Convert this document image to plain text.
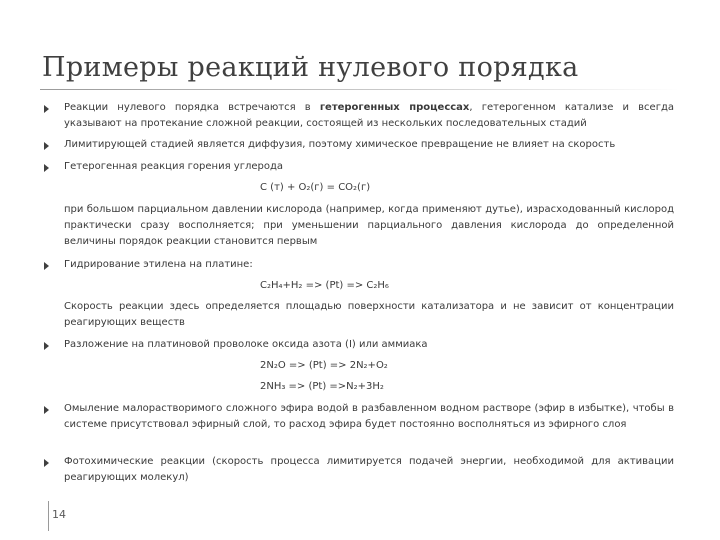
Примеры реакций нулевого порядка
Реакции нулевого порядка встречаются в гетерогенных процессах, гетерогенном катализе и всегда указывают на протекание сложной реакции, состоящей из нескольких последовательных стадий
Лимитирующей стадией является диффузия, поэтому химическое превращение не влияет на скорость
Гетерогенная реакция горения углерода
C (т) + O₂(г) = CO₂(г)
при большом парциальном давлении кислорода (например, когда применяют дутье), израсходованный кислород практически сразу восполняется; при уменьшении парциального давления кислорода до определенной величины порядок реакции становится первым
Гидрирование этилена на платине:
C₂H₄+H₂ => (Pt) => C₂H₆
Скорость реакции здесь определяется площадью поверхности катализатора и не зависит от концентрации реагирующих веществ
Разложение на платиновой проволоке оксида азота (I) или аммиака
2N₂O => (Pt) => 2N₂+O₂
2NH₃ => (Pt) =>N₂+3H₂
Омыление малорастворимого сложного эфира водой в разбавленном водном растворе (эфир в избытке), чтобы в системе присутствовал эфирный слой, то расход эфира будет постоянно восполняться из эфирного слоя
Фотохимические реакции (скорость процесса лимитируется подачей энергии, необходимой для активации реагирующих молекул)
14
